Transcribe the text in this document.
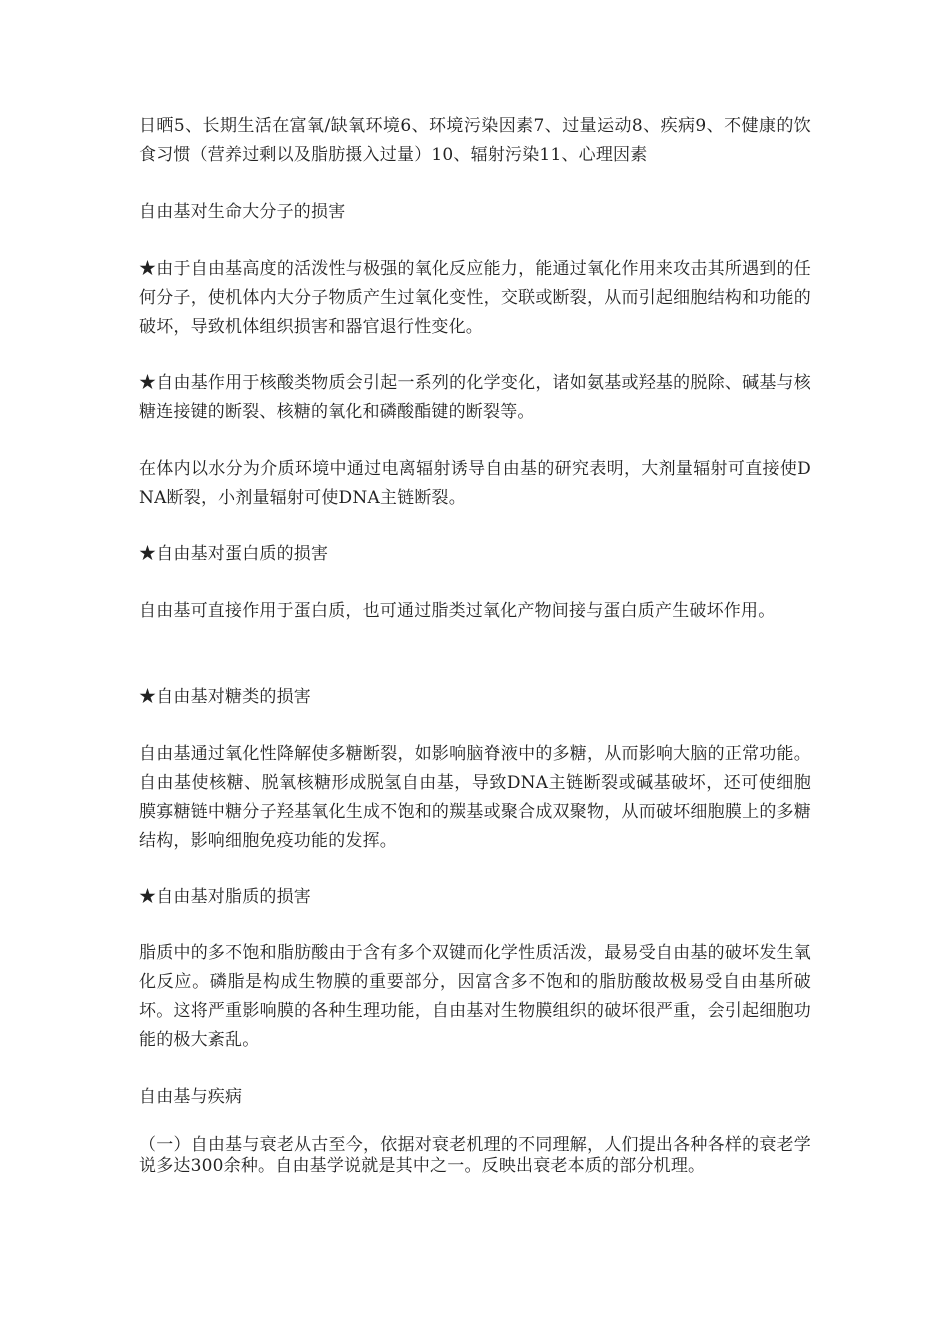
日晒5、长期生活在富氧/缺氧环境6、环境污染因素7、过量运动8、疾病9、不健康的饮食习惯（营养过剩以及脂肪摄入过量）10、辐射污染11、心理因素

自由基对生命大分子的损害

★由于自由基高度的活泼性与极强的氧化反应能力，能通过氧化作用来攻击其所遇到的任何分子，使机体内大分子物质产生过氧化变性，交联或断裂，从而引起细胞结构和功能的破坏，导致机体组织损害和器官退行性变化。

★自由基作用于核酸类物质会引起一系列的化学变化，诸如氨基或羟基的脱除、碱基与核糖连接键的断裂、核糖的氧化和磷酸酯键的断裂等。

在体内以水分为介质环境中通过电离辐射诱导自由基的研究表明，大剂量辐射可直接使DNA断裂，小剂量辐射可使DNA主链断裂。

★自由基对蛋白质的损害

自由基可直接作用于蛋白质，也可通过脂类过氧化产物间接与蛋白质产生破坏作用。

★自由基对糖类的损害

自由基通过氧化性降解使多糖断裂，如影响脑脊液中的多糖，从而影响大脑的正常功能。自由基使核糖、脱氧核糖形成脱氢自由基，导致DNA主链断裂或碱基破坏，还可使细胞膜寡糖链中糖分子羟基氧化生成不饱和的羰基或聚合成双聚物，从而破坏细胞膜上的多糖结构，影响细胞免疫功能的发挥。

★自由基对脂质的损害

脂质中的多不饱和脂肪酸由于含有多个双键而化学性质活泼，最易受自由基的破坏发生氧化反应。磷脂是构成生物膜的重要部分，因富含多不饱和的脂肪酸故极易受自由基所破坏。这将严重影响膜的各种生理功能，自由基对生物膜组织的破坏很严重，会引起细胞功能的极大紊乱。

自由基与疾病

（一）自由基与衰老从古至今，依据对衰老机理的不同理解，人们提出各种各样的衰老学说多达300余种。自由基学说就是其中之一。反映出衰老本质的部分机理。
